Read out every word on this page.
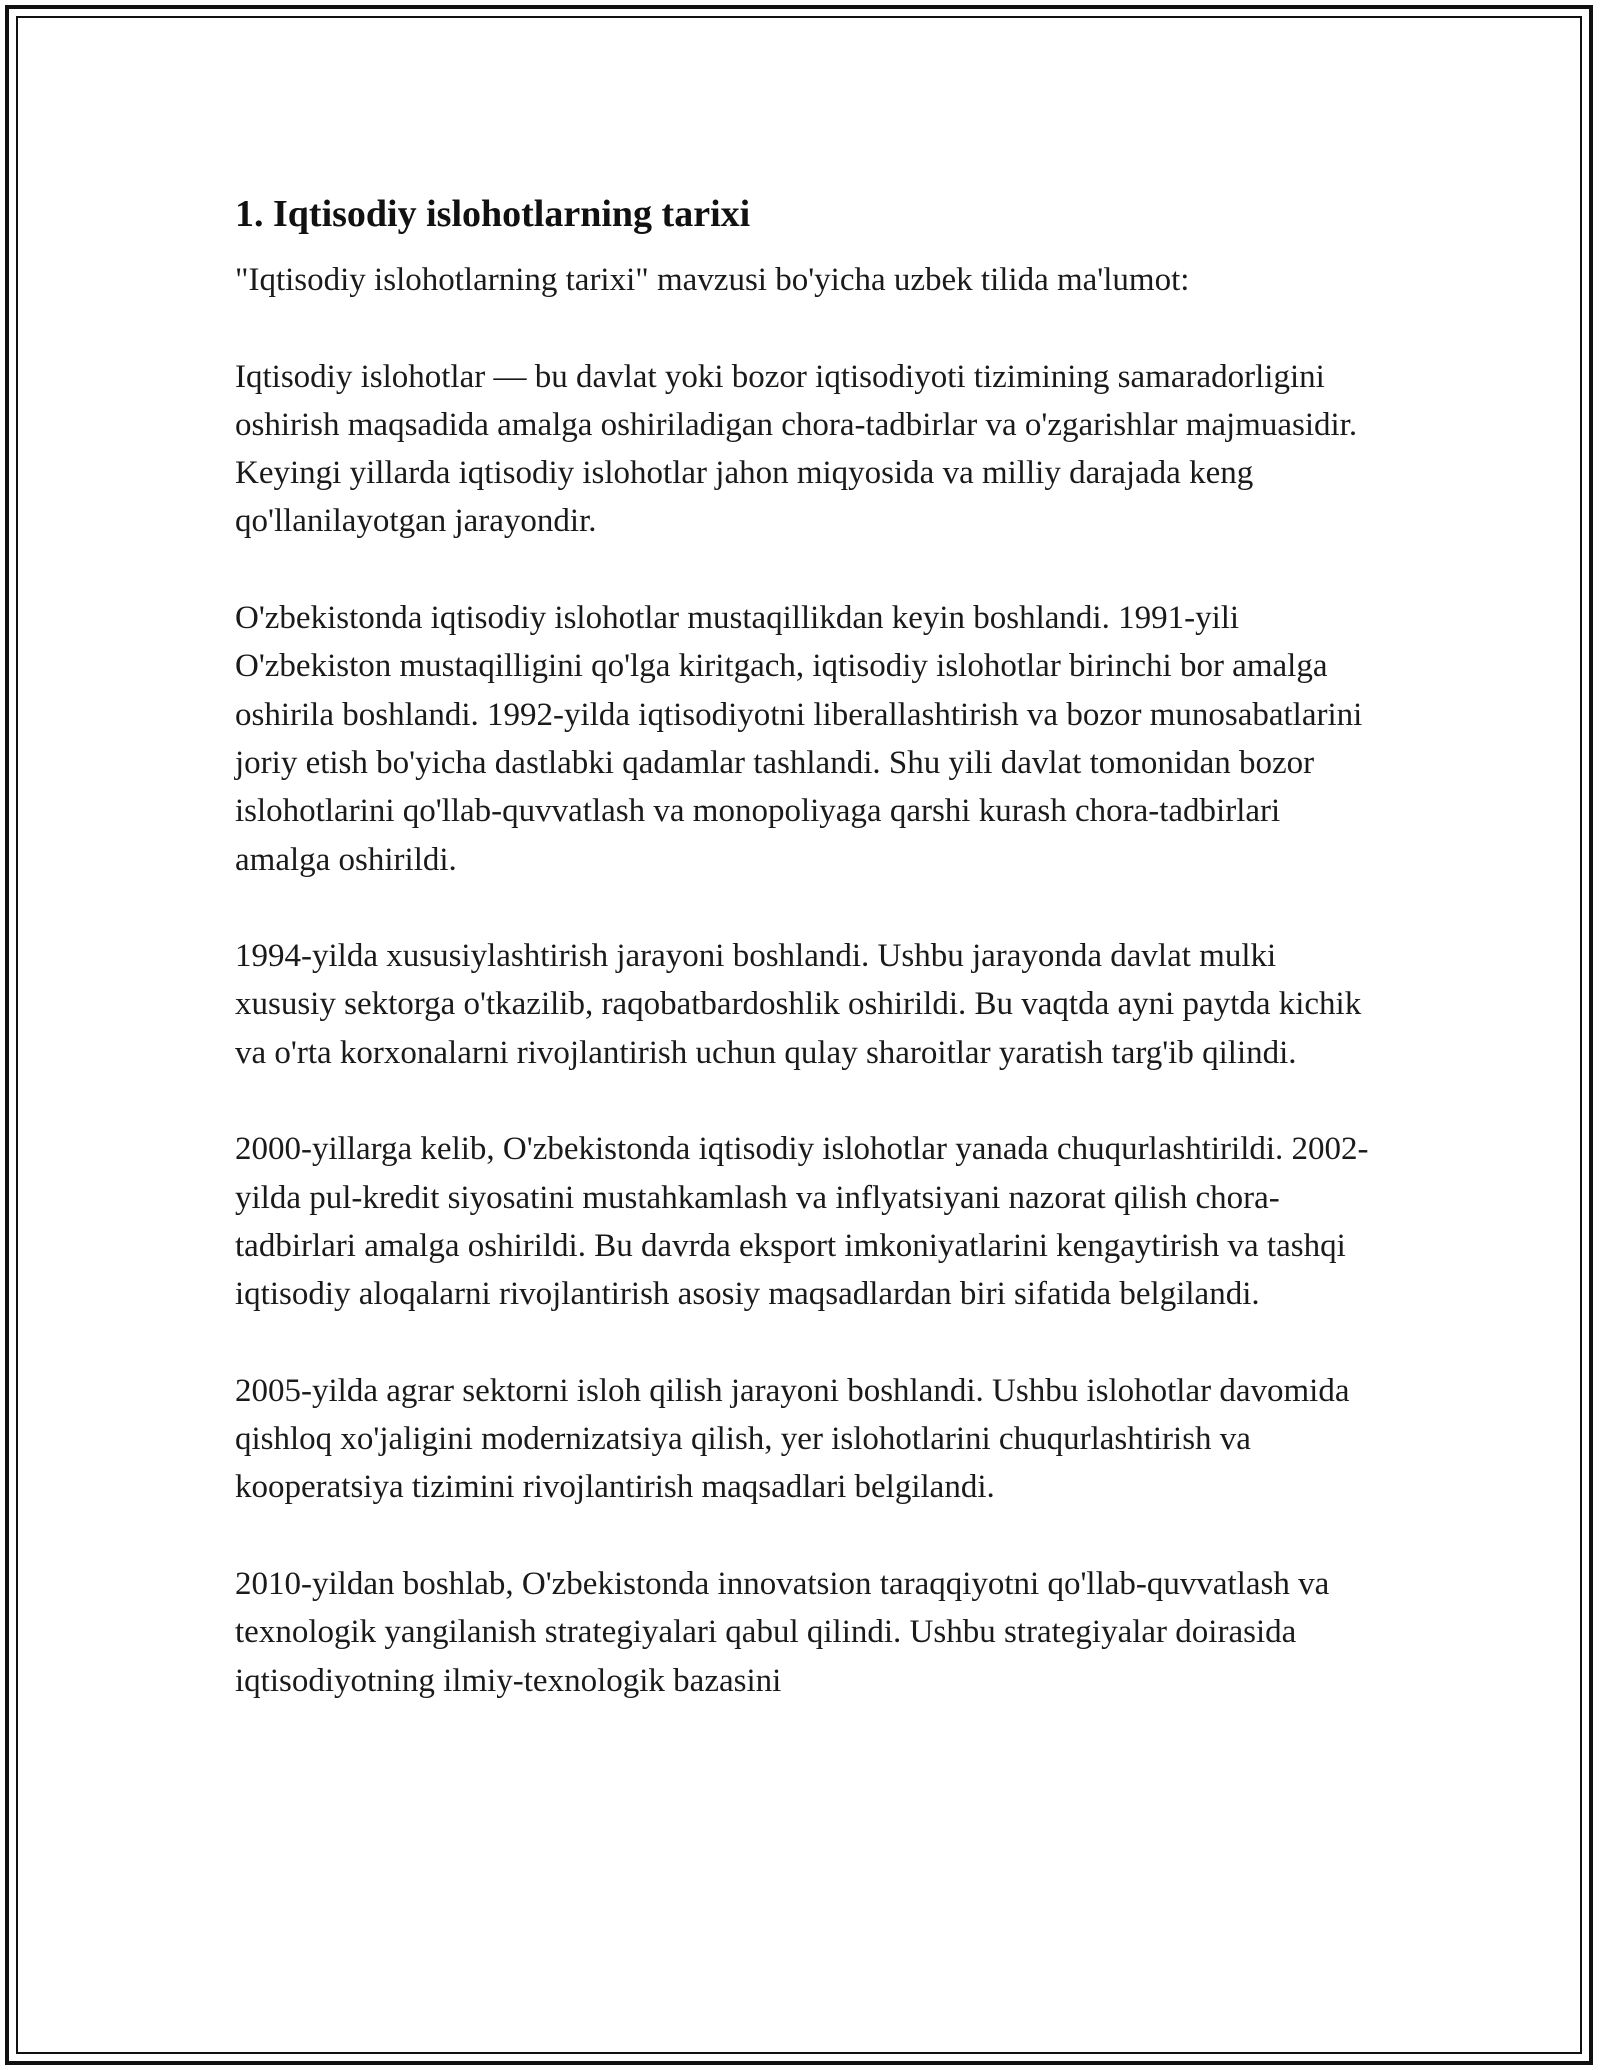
1. Iqtisodiy islohotlarning tarixi

"Iqtisodiy islohotlarning tarixi" mavzusi bo'yicha uzbek tilida ma'lumot:

Iqtisodiy islohotlar — bu davlat yoki bozor iqtisodiyoti tizimining samaradorligini oshirish maqsadida amalga oshiriladigan chora-tadbirlar va o'zgarishlar majmuasidir. Keyingi yillarda iqtisodiy islohotlar jahon miqyosida va milliy darajada keng qo'llanilayotgan jarayondir.

O'zbekistonda iqtisodiy islohotlar mustaqillikdan keyin boshlandi. 1991-yili O'zbekiston mustaqilligini qo'lga kiritgach, iqtisodiy islohotlar birinchi bor amalga oshirila boshlandi. 1992-yilda iqtisodiyotni liberallashtirish va bozor munosabatlarini joriy etish bo'yicha dastlabki qadamlar tashlandi. Shu yili davlat tomonidan bozor islohotlarini qo'llab-quvvatlash va monopoliyaga qarshi kurash chora-tadbirlari amalga oshirildi.

1994-yilda xususiylashtirish jarayoni boshlandi. Ushbu jarayonda davlat mulki xususiy sektorga o'tkazilib, raqobatbardoshlik oshirildi. Bu vaqtda ayni paytda kichik va o'rta korxonalarni rivojlantirish uchun qulay sharoitlar yaratish targ'ib qilindi.

2000-yillarga kelib, O'zbekistonda iqtisodiy islohotlar yanada chuqurlashtirildi. 2002-yilda pul-kredit siyosatini mustahkamlash va inflyatsiyani nazorat qilish chora-tadbirlari amalga oshirildi. Bu davrda eksport imkoniyatlarini kengaytirish va tashqi iqtisodiy aloqalarni rivojlantirish asosiy maqsadlardan biri sifatida belgilandi.

2005-yilda agrar sektorni isloh qilish jarayoni boshlandi. Ushbu islohotlar davomida qishloq xo'jaligini modernizatsiya qilish, yer islohotlarini chuqurlashtirish va kooperatsiya tizimini rivojlantirish maqsadlari belgilandi.

2010-yildan boshlab, O'zbekistonda innovatsion taraqqiyotni qo'llab-quvvatlash va texnologik yangilanish strategiyalari qabul qilindi. Ushbu strategiyalar doirasida iqtisodiyotning ilmiy-texnologik bazasini
